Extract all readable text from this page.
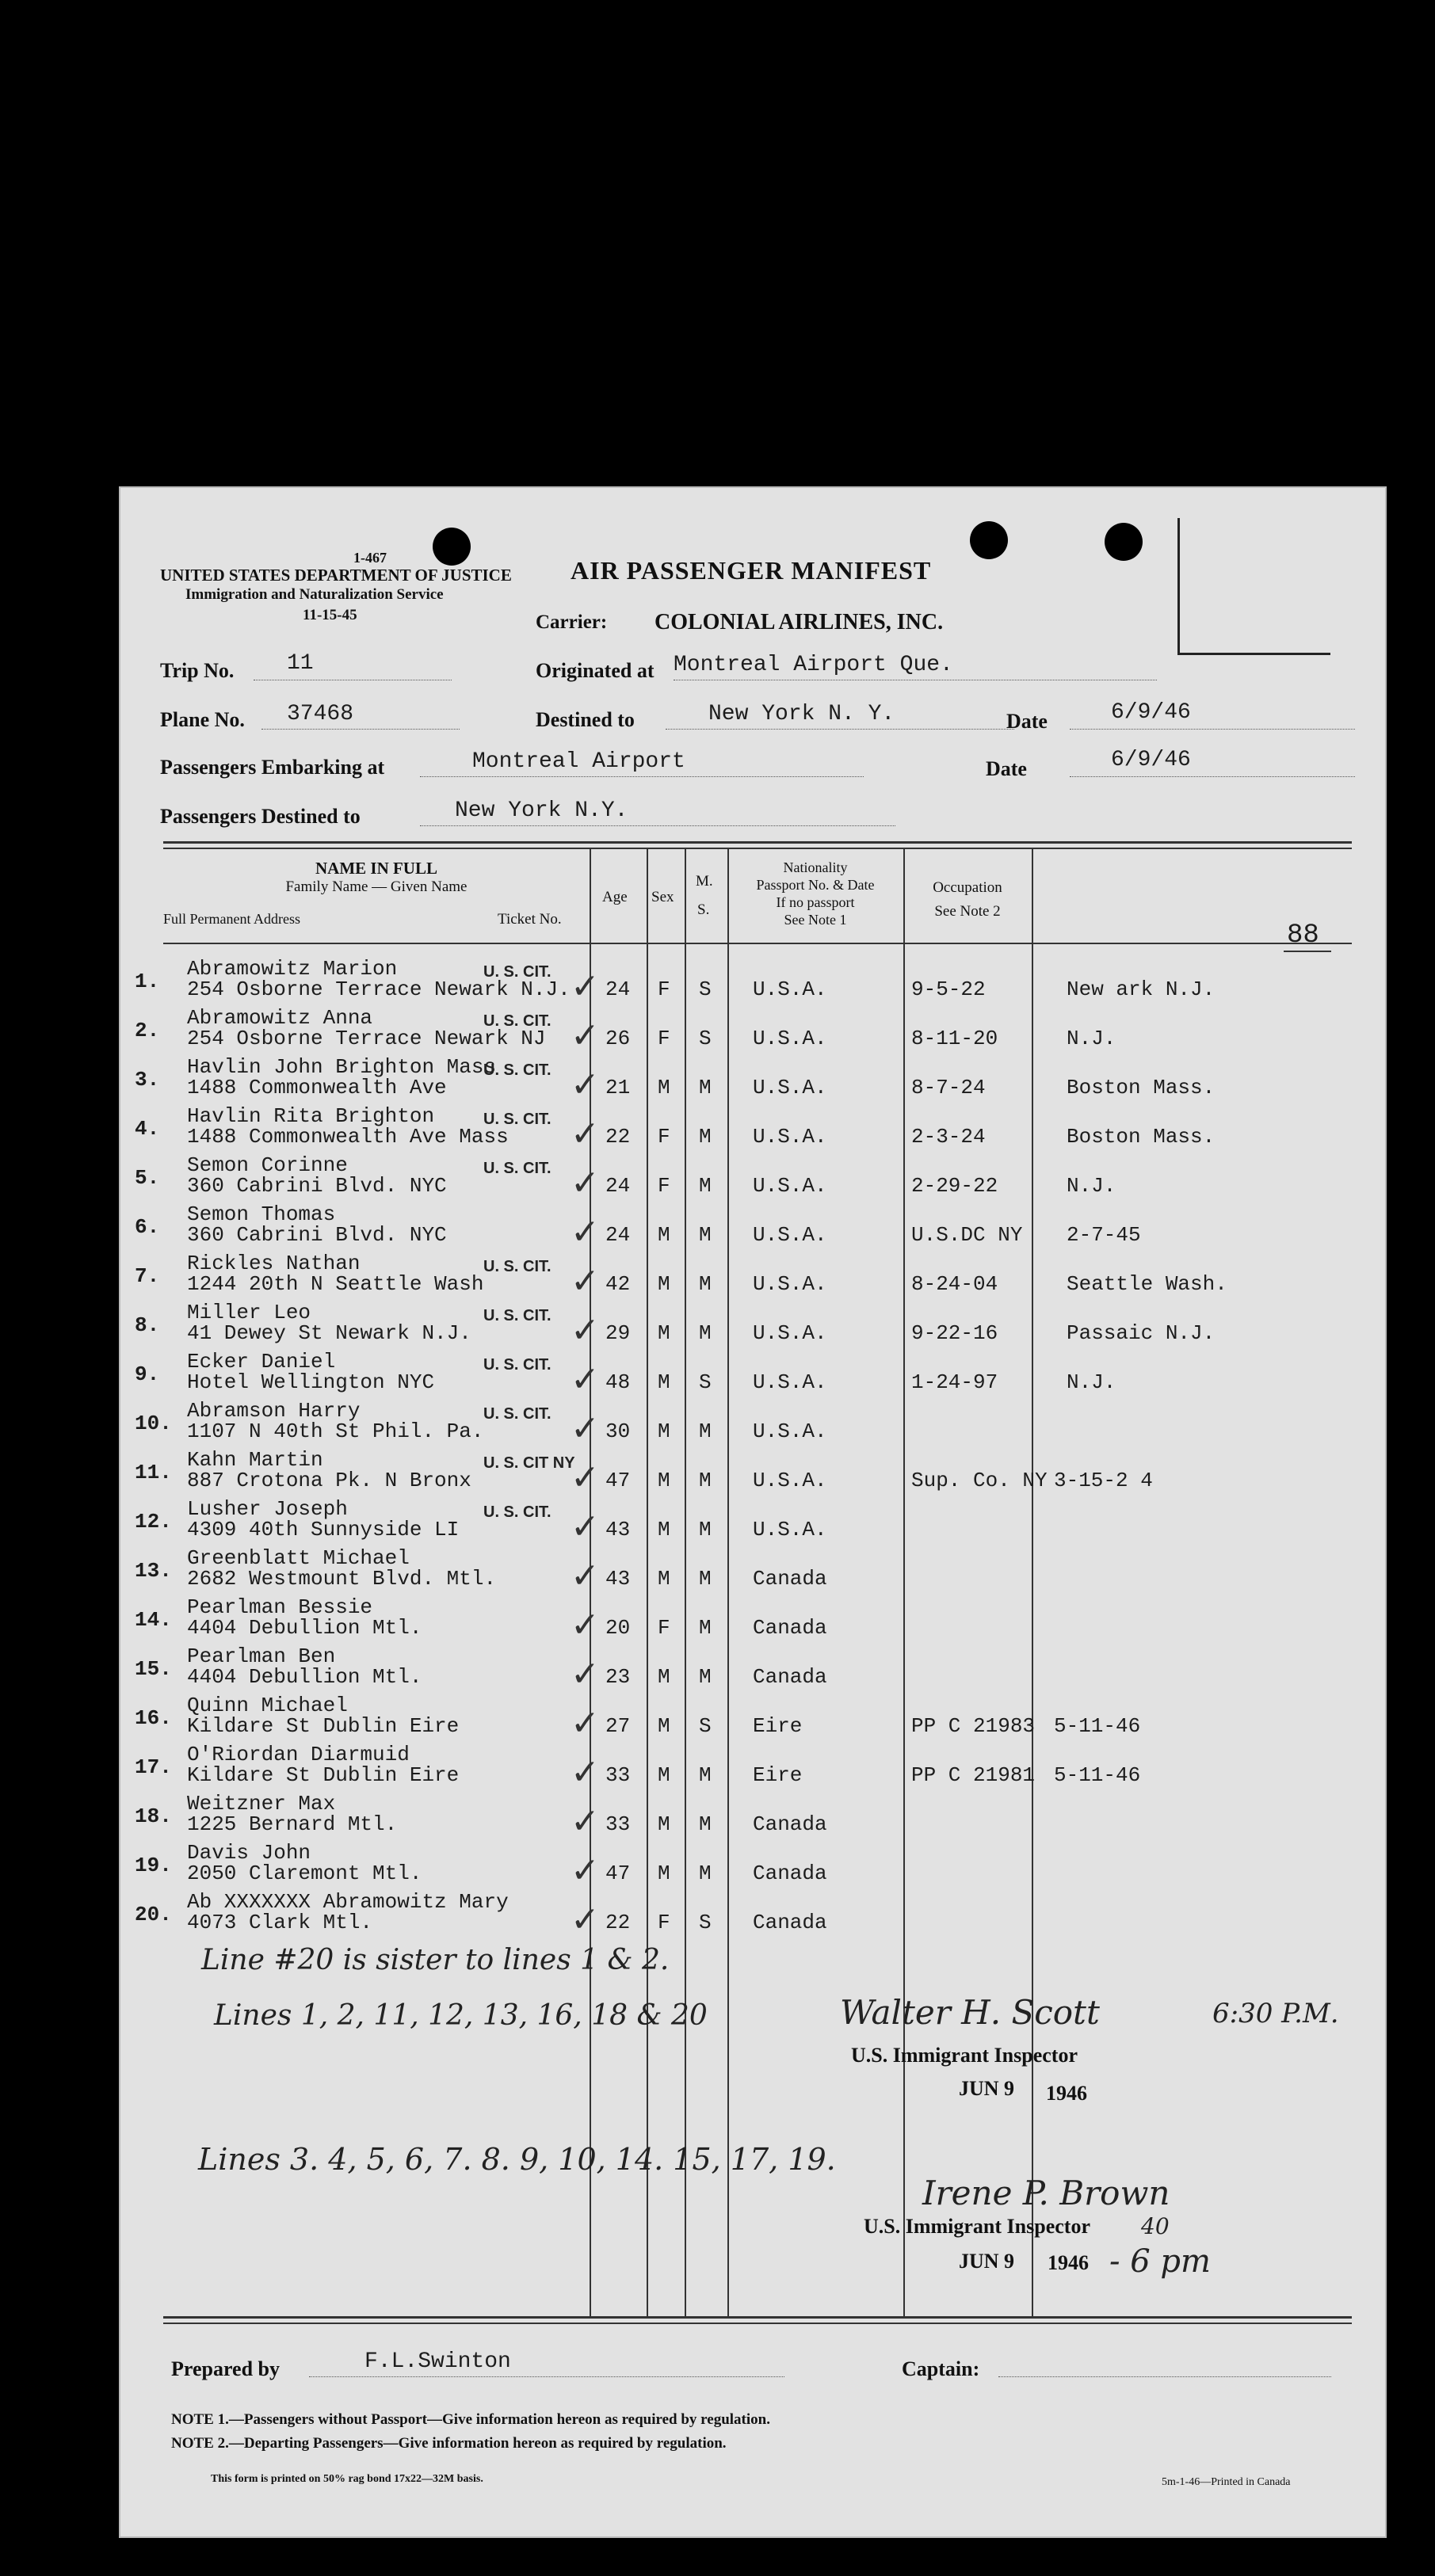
1-467
UNITED STATES DEPARTMENT OF JUSTICE
Immigration and Naturalization Service
11-15-45
AIR PASSENGER MANIFEST
Carrier: COLONIAL AIRLINES, INC.
Trip No. 11	Originated at Montreal Airport Que.
Plane No. 37468	Destined to	New York N. Y.	Date	6/9/46
Passengers Embarking at	Montreal Airport	Date	6/9/46
Passengers Destined to	New York N.Y.
NAME IN FULL
Family Name — Given Name
Full Permanent Address	Ticket No.
Age Sex
M.
S.
Nationality
Passport No. & Date
If no passport
See Note 1
Occupation
See Note 2
88
1.
Abramowitz Marion
254 Osborne Terrace Newark N.J.
U. S. CIT.
24 F S U.S.A.	9-5-22	New ark N.J.
✓
2.
Abramowitz Anna
254 Osborne Terrace Newark NJ
U. S. CIT.
26 F S U.S.A.	8-11-20	N.J.
✓
3.
Havlin John Brighton Mass
1488 Commonwealth Ave
U. S. CIT.
21 M M U.S.A.	8-7-24	Boston Mass.
✓
4.
Havlin Rita Brighton
1488 Commonwealth Ave Mass
U. S. CIT.
22 F M U.S.A.	2-3-24	Boston Mass.
✓
5.
Semon Corinne
360 Cabrini Blvd. NYC
U. S. CIT.
24 F M U.S.A.	2-29-22	N.J.
✓
6.
Semon Thomas
360 Cabrini Blvd. NYC	24 M M U.S.A.	U.S.DC NY 2-7-45
✓
7.
Rickles Nathan
1244 20th N Seattle Wash
U. S. CIT.
42 M M U.S.A.	8-24-04	Seattle Wash.
✓
8.
Miller Leo
41 Dewey St Newark N.J.
U. S. CIT.
29 M M U.S.A.	9-22-16	Passaic N.J.
✓
9.
Ecker Daniel
Hotel Wellington NYC
U. S. CIT.
48 M S U.S.A.	1-24-97	N.J.
✓
10.
Abramson Harry
1107 N 40th St Phil. Pa.
U. S. CIT.
30 M M U.S.A.
✓
11.
Kahn Martin
887 Crotona Pk. N Bronx
U. S. CIT NY
47 M M U.S.A.	Sup. Co. NY 3-15-2 4
✓
12.
Lusher Joseph
4309 40th Sunnyside LI
U. S. CIT.
43 M M U.S.A.
✓
13.
Greenblatt Michael
2682 Westmount Blvd. Mtl.	43 M M Canada
✓
14.
Pearlman Bessie
4404 Debullion Mtl.	20 F M Canada
✓
15.
Pearlman Ben
4404 Debullion Mtl.	23 M M Canada
✓
16.
Quinn Michael
Kildare St Dublin Eire	27 M S Eire	PP C 21983 5-11-46
✓
17.
O'Riordan Diarmuid
Kildare St Dublin Eire	33 M M Eire	PP C 21981 5-11-46
✓
18.
Weitzner Max
1225 Bernard Mtl.	33 M M Canada
✓
19.
Davis John
2050 Claremont Mtl.	47 M M Canada
✓
20.
Ab XXXXXXX Abramowitz Mary
4073 Clark Mtl.	22 F S Canada
✓
Line #20 is sister to lines 1 & 2.
Lines 1, 2, 11, 12, 13, 16, 18 & 20	Walter H. Scott	6:30 P.M.
U.S. Immigrant Inspector
JUN 9 1946
Lines 3. 4, 5, 6, 7. 8. 9, 10, 14. 15, 17, 19.
Irene P. Brown
U.S. Immigrant Inspector
JUN 9 1946 - 6 pm
40
Prepared by	F.L.Swinton	Captain:
NOTE 1.—Passengers without Passport—Give information hereon as required by regulation.
NOTE 2.—Departing Passengers—Give information hereon as required by regulation.
This form is printed on 50% rag bond 17x22—32M basis.	5m-1-46—Printed in Canada
